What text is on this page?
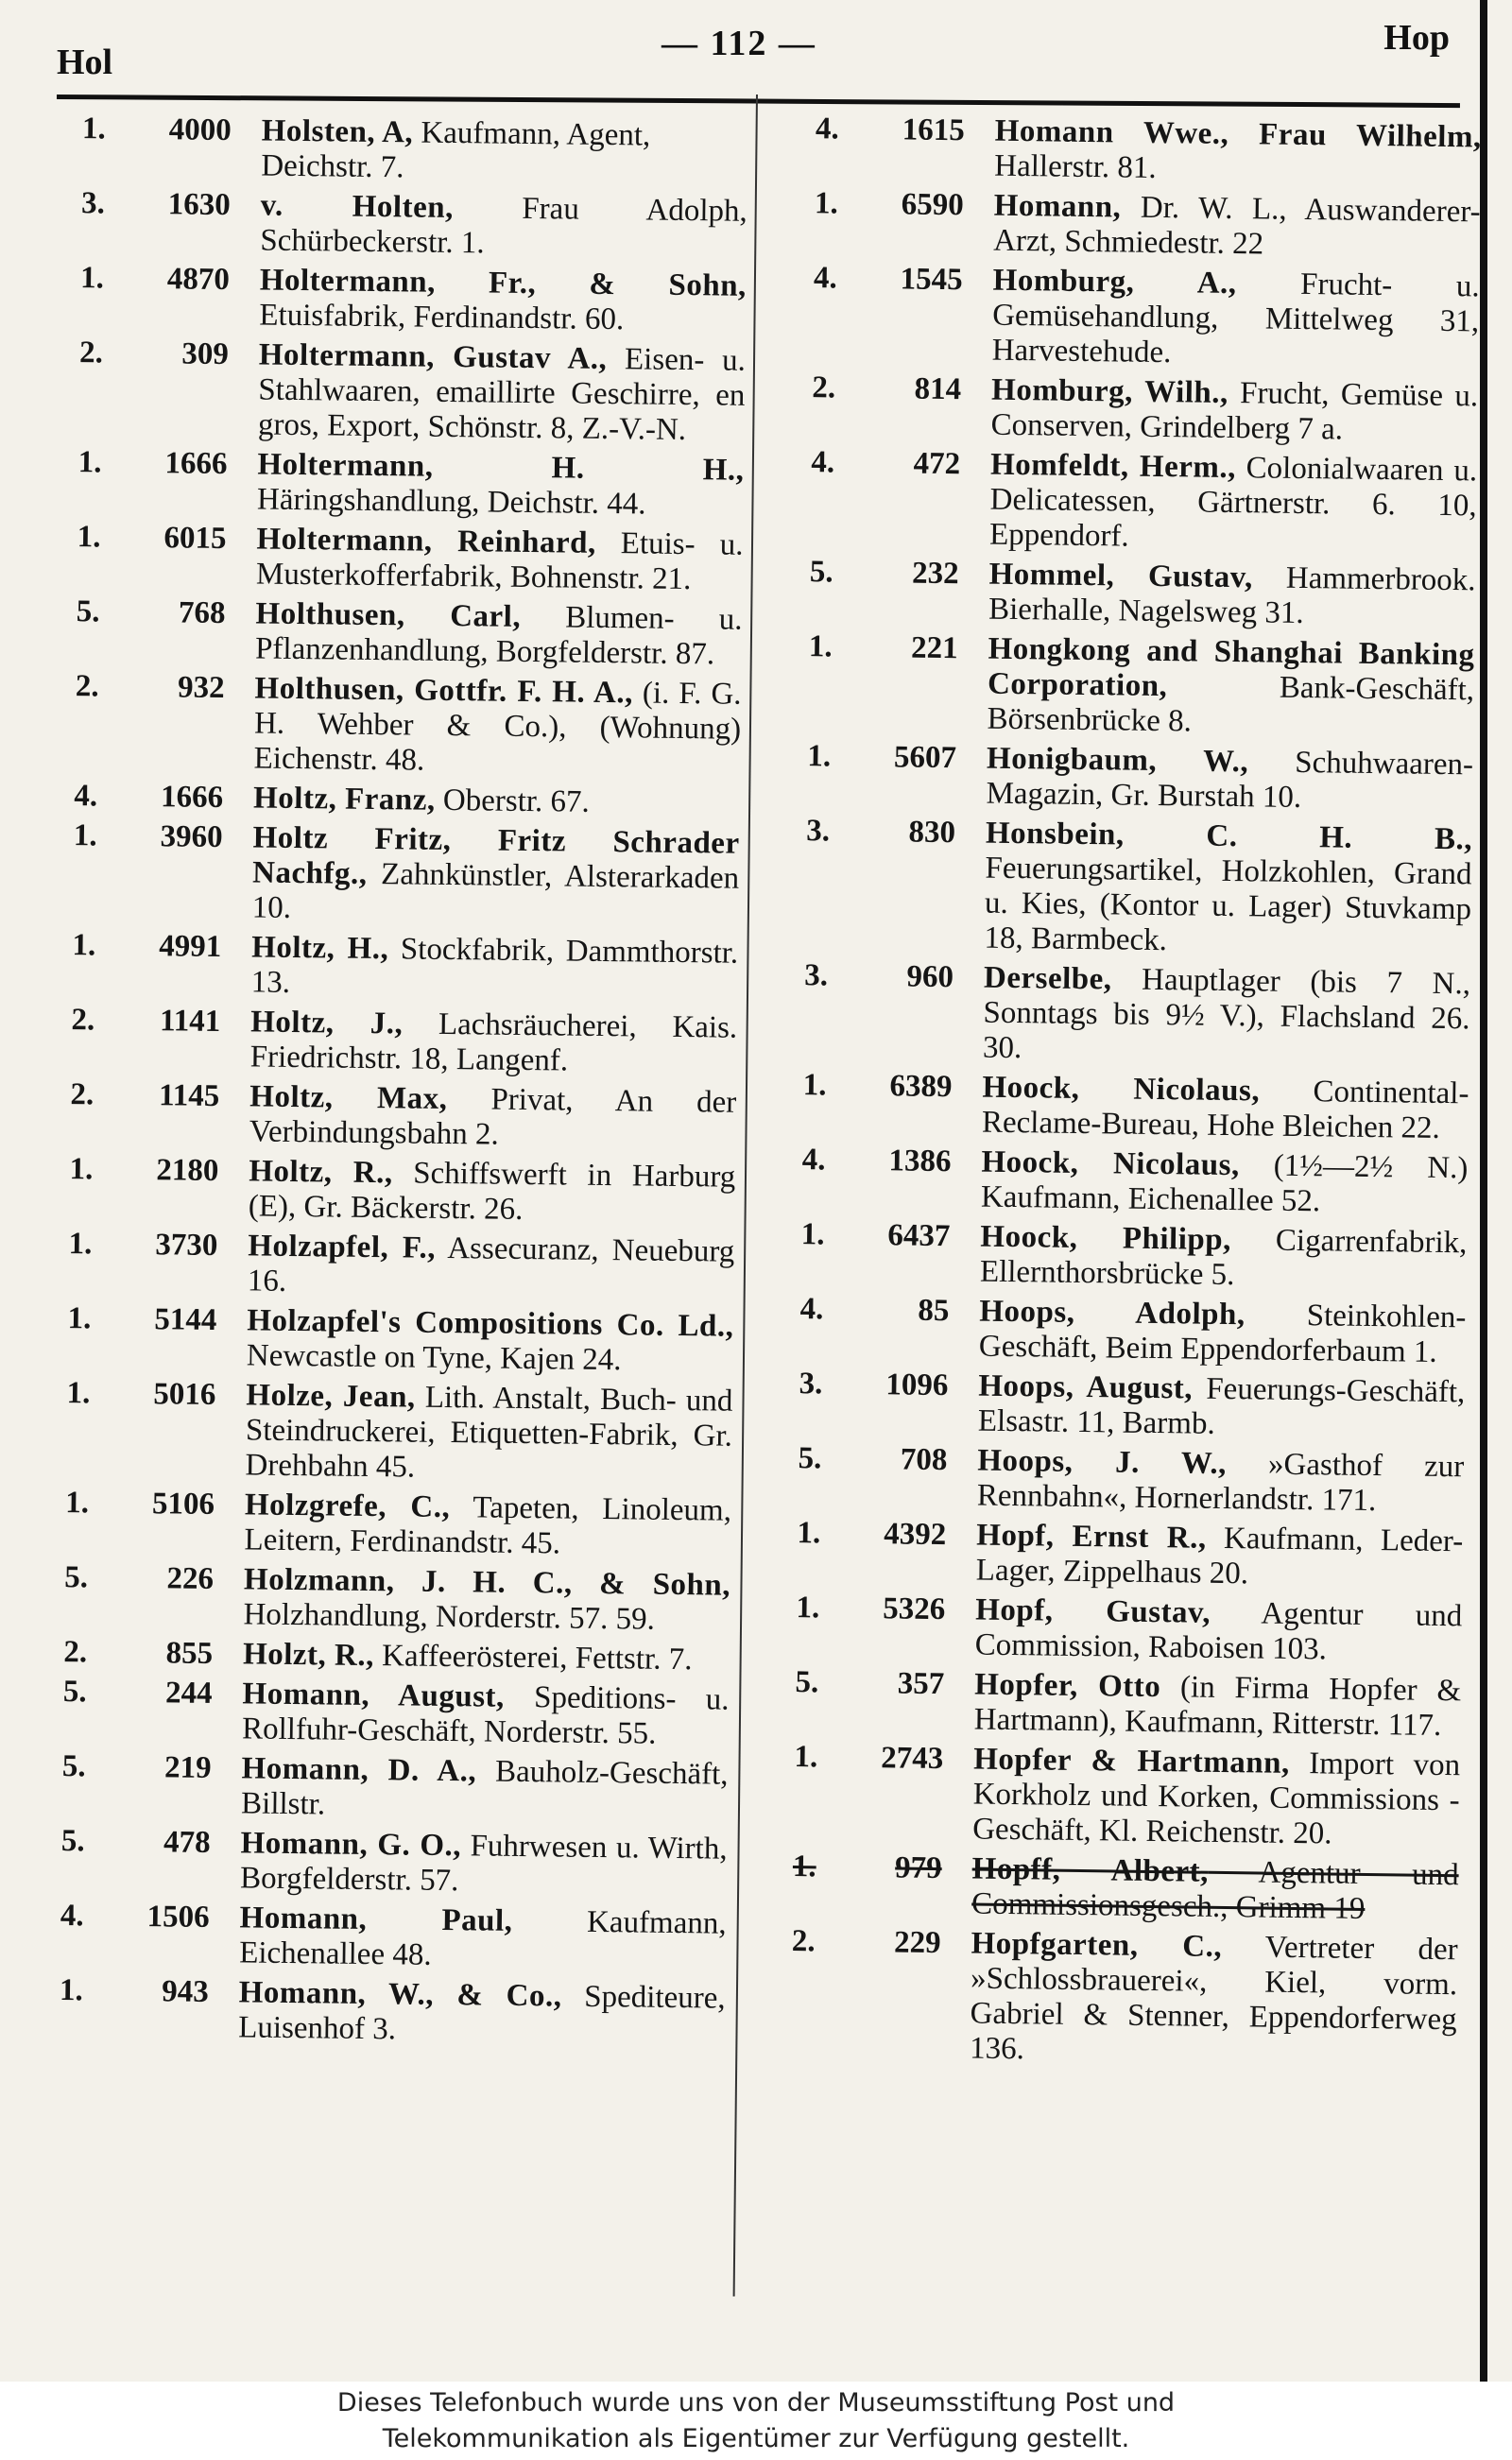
Hol	— 112 —	Hop
1. 4000 Holsten, A, Kaufmann, Agent,
Deichstr. 7.
3. 1630 v. Holten, Frau Adolph, Schürbeckerstr. 1.
1. 4870 Holtermann, Fr., & Sohn, Etuisfabrik, Ferdinandstr. 60.
2.	309 Holtermann, Gustav A., Eisen- u. Stahlwaaren, emaillirte Geschirre, en gros, Export, Schönstr. 8, Z.-V.-N.
1. 1666 Holtermann, H. H., Häringshandlung, Deichstr. 44.
1. 6015 Holtermann, Reinhard, Etuis- u. Musterkofferfabrik, Bohnenstr. 21.
5.	768 Holthusen, Carl, Blumen- u. Pflanzenhandlung, Borgfelderstr. 87.
2.	932 Holthusen, Gottfr. F. H. A., (i. F. G. H. Wehber & Co.), (Wohnung) Eichenstr. 48.
4. 1666 Holtz, Franz, Oberstr. 67.
1. 3960 Holtz Fritz, Fritz Schrader Nachfg., Zahnkünstler, Alsterarkaden 10.
1. 4991 Holtz, H., Stockfabrik, Dammthorstr. 13.
2. 1141 Holtz, J., Lachsräucherei, Kais. Friedrichstr. 18, Langenf.
2. 1145 Holtz, Max, Privat, An der Verbindungsbahn 2.
1. 2180 Holtz, R., Schiffswerft in Harburg (E), Gr. Bäckerstr. 26.
1. 3730 Holzapfel, F., Assecuranz, Neueburg 16.
1. 5144 Holzapfel's Compositions Co. Ld., Newcastle on Tyne, Kajen 24.
1. 5016 Holze, Jean, Lith. Anstalt, Buch- und Steindruckerei, Etiquetten-Fabrik, Gr. Drehbahn 45.
1. 5106 Holzgrefe, C., Tapeten, Linoleum, Leitern, Ferdinandstr. 45.
5.	226 Holzmann, J. H. C., & Sohn, Holzhandlung, Norderstr. 57. 59.
2.	855 Holzt, R., Kaffeerösterei, Fettstr. 7.
5.	244 Homann, August, Speditions- u. Rollfuhr-Geschäft, Norderstr. 55.
5.	219 Homann, D. A., Bauholz-Geschäft, Billstr.
5.	478 Homann, G. O., Fuhrwesen u. Wirth, Borgfelderstr. 57.
4. 1506 Homann, Paul, Kaufmann, Eichenallee 48.
1.	943 Homann, W., & Co., Spediteure, Luisenhof 3.
4. 1615 Homann Wwe., Frau Wilhelm, Hallerstr. 81.
1. 6590 Homann, Dr. W. L., Auswanderer-Arzt, Schmiedestr. 22
4. 1545 Homburg, A., Frucht- u. Gemüsehandlung, Mittelweg 31, Harvestehude.
2.	814 Homburg, Wilh., Frucht, Gemüse u. Conserven, Grindelberg 7 a.
4.	472 Homfeldt, Herm., Colonialwaaren u. Delicatessen, Gärtnerstr. 6. 10, Eppendorf.
5.	232 Hommel, Gustav, Hammerbrook. Bierhalle, Nagelsweg 31.
1.	221 Hongkong and Shanghai Banking Corporation, Bank-Geschäft, Börsenbrücke 8.
1. 5607 Honigbaum, W., Schuhwaaren-Magazin, Gr. Burstah 10.
3.	830 Honsbein, C. H. B., Feuerungsartikel, Holzkohlen, Grand u. Kies, (Kontor u. Lager) Stuvkamp 18, Barmbeck.
3.	960 Derselbe, Hauptlager (bis 7 N., Sonntags bis 9½ V.), Flachsland 26. 30.
1. 6389 Hoock, Nicolaus, Continental-Reclame-Bureau, Hohe Bleichen 22.
4. 1386 Hoock, Nicolaus, (1½—2½ N.) Kaufmann, Eichenallee 52.
1. 6437 Hoock, Philipp, Cigarrenfabrik, Ellernthorsbrücke 5.
4.	85 Hoops, Adolph, Steinkohlen-Geschäft, Beim Eppendorferbaum 1.
3. 1096 Hoops, August, Feuerungs-Geschäft, Elsastr. 11, Barmb.
5.	708 Hoops, J. W., »Gasthof zur Rennbahn«, Hornerlandstr. 171.
1. 4392 Hopf, Ernst R., Kaufmann, Leder-Lager, Zippelhaus 20.
1. 5326 Hopf, Gustav, Agentur und Commission, Raboisen 103.
5.	357 Hopfer, Otto (in Firma Hopfer & Hartmann), Kaufmann, Ritterstr. 117.
1. 2743 Hopfer & Hartmann, Import von Korkholz und Korken, Commissions - Geschäft, Kl. Reichenstr. 20.
1.	979 Hopff, Albert, Agentur und Commissionsgesch., Grimm 19
2.	229 Hopfgarten, C., Vertreter der »Schlossbrauerei«, Kiel, vorm. Gabriel & Stenner, Eppendorferweg 136.
Dieses Telefonbuch wurde uns von der Museumsstiftung Post und
Telekommunikation als Eigentümer zur Verfügung gestellt.
